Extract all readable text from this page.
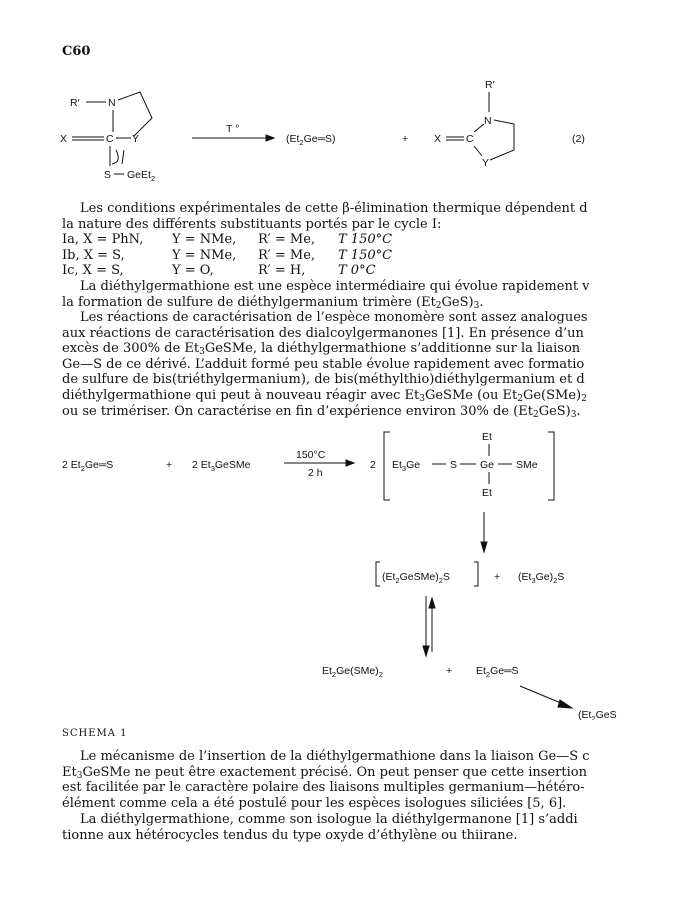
C60
R′	N
X	C Y
S GeEt$_2$
T °
$(Et_2Ge═S)$	+
R′
N
X C
Y
(2)
Les conditions expérimentales de cette β-élimination thermique dépendent d
la nature des différents substituants portés par le cycle I:
Ia, X = PhN, Y = NMe, R′ = Me, T 150°C
Ib, X = S,	Y = NMe, R′ = Me, T 150°C
Ic, X = S,	Y = O,	R′ = H,	T 0°C
La diéthylgermathione est une espèce intermédiaire qui évolue rapidement v
la formation de sulfure de diéthylgermanium trimère $(Et_2GeS)_3$.
Les réactions de caractérisation de l’espèce monomère sont assez analogues
aux réactions de caractérisation des dialcoylgermanones [1]. En présence d’un
excès de 300% de $Et_3GeSMe$, la diéthylgermathione s’additionne sur la liaison
Ge—S de ce dérivé. L’adduit formé peu stable évolue rapidement avec formatio
de sulfure de bis(triéthylgermanium), de bis(méthylthio)diéthylgermanium et d
diéthylgermathione qui peut à nouveau réagir avec $Et_3GeSMe$ (ou $Et_2Ge(SMe)_2$
ou se trimériser. On caractérise en fin d’expérience environ 30% de $(Et_2GeS)_3$.
2 $Et_2Ge═S$	+ 2 $Et_3GeSMe$
150°C
2 h
2
Et
$Et_3Ge$	S Ge SMe
Et
$(Et_2GeSMe)_2S$	+ $(Et_3Ge)_2S$
$Et_2Ge(SMe)_2$	+ $Et_2Ge═S$
($Et_2GeS$
SCHEMA 1
Le mécanisme de l’insertion de la diéthylgermathione dans la liaison Ge—S c
$Et_3GeSMe$ ne peut être exactement précisé. On peut penser que cette insertion
est facilitée par le caractère polaire des liaisons multiples germanium—hétéro-
élément comme cela a été postulé pour les espèces isologues siliciées [5, 6].
La diéthylgermathione, comme son isologue la diéthylgermanone [1] s’addi
tionne aux hétérocycles tendus du type oxyde d’éthylène ou thiirane.
